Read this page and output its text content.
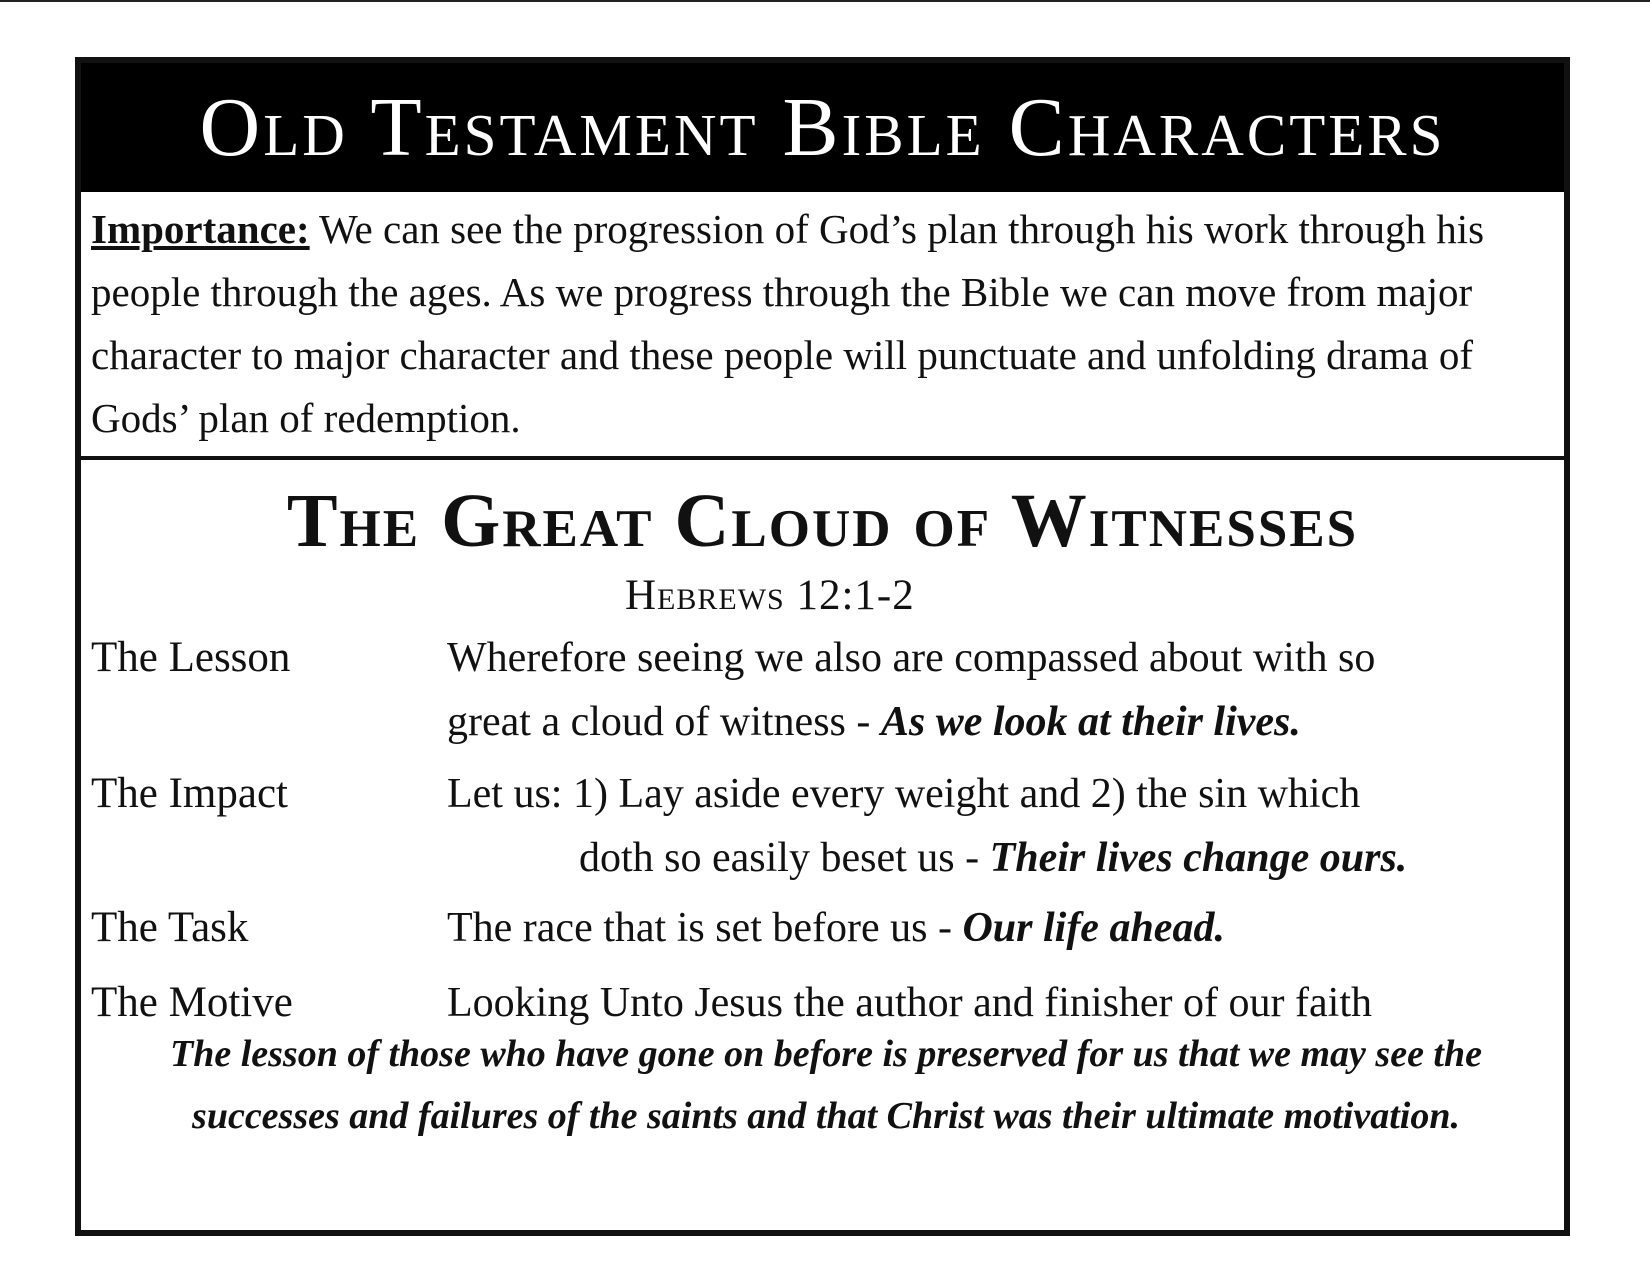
Old Testament Bible Characters
Importance: We can see the progression of God’s plan through his work through his people through the ages. As we progress through the Bible we can move from major character to major character and these people will punctuate and unfolding drama of Gods’ plan of redemption.
The Great Cloud of Witnesses
Hebrews 12:1-2
The Lesson	Wherefore seeing we also are compassed about with so
great a cloud of witness - As we look at their lives.
The Impact	Let us: 1) Lay aside every weight and 2) the sin which
doth so easily beset us - Their lives change ours.
The Task	The race that is set before us - Our life ahead.
The Motive	Looking Unto Jesus the author and finisher of our faith
The lesson of those who have gone on before is preserved for us that we may see the
successes and failures of the saints and that Christ was their ultimate motivation.
